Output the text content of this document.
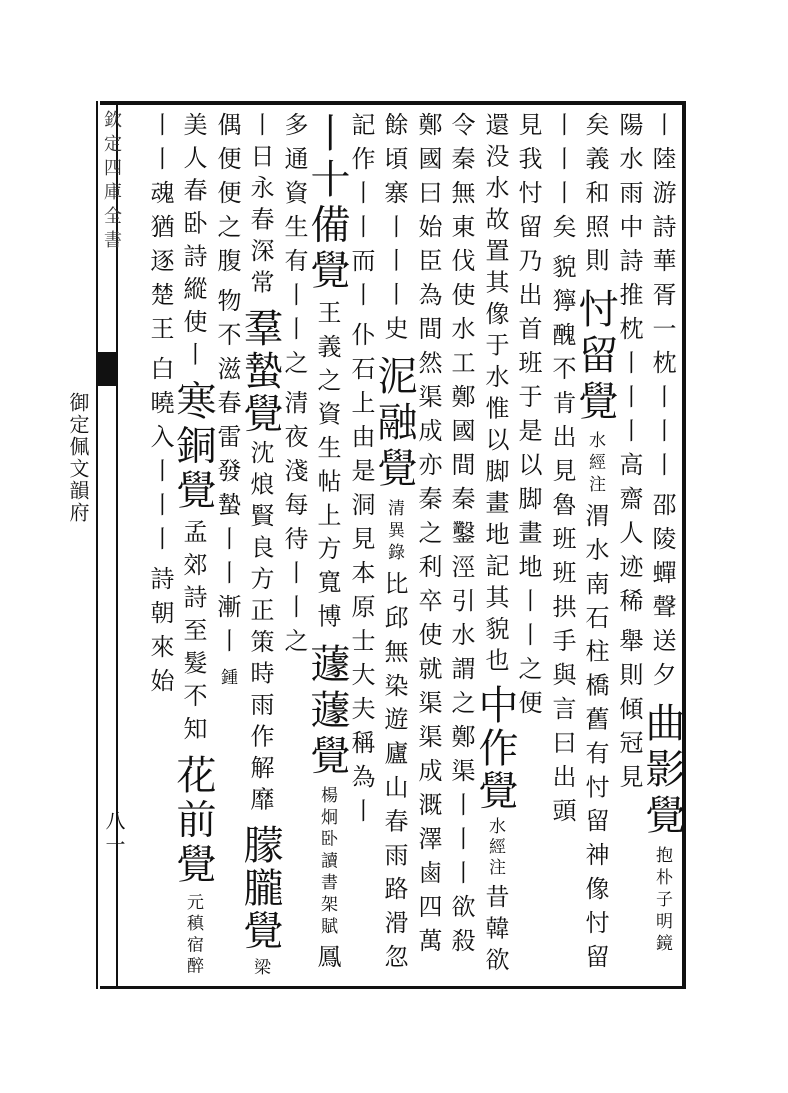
欽定四庫全書
御定佩文韻府
八一
丨陸游詩華胥一枕丨丨丨
邵陵蟬聲送夕
曲影覺
抱朴子明鏡
陽水雨中詩推枕丨丨丨高齋人迹稀
舉則傾冠見
矣義和照則
忖留覺
水經注
渭水南石柱橋舊有忖留神像忖留
丨丨丨矣
貌獰醜不肯出見魯班班拱手與言曰出頭
見我忖留乃出首班于是以脚畫地丨丨之便
還没水故置其像于水惟以脚畫地記其貌也
中作覺
水經注
昔韓欲
令秦無東伐使水工鄭國間秦鑿涇引水謂之鄭渠丨丨丨欲殺
鄭國曰始臣為間然渠成亦秦之利卒使就渠渠成溉澤鹵四萬
餘頃寨丨丨丨史
泥融覺
清異錄
比邱無染遊廬山春雨路滑忽
記作丨丨而丨
仆石上由是洞見本原士大夫稱為丨
丨十備覺
王義之資生帖上方寬博
蘧蘧覺
楊炯卧讀書架賦
鳳
多通資生有丨丨之
清夜淺每待丨丨之
丨日永春深常
羣蟄覺
沈烺賢良方正策時雨作解靡
朦朧覺
梁
偶便便之腹
物不滋春雷發蟄丨丨漸丨
鍾
美人春卧詩縱使丨
寒銅覺
孟郊詩至髮不知
花前覺
元稹宿醉
丨丨魂猶逐楚王
白曉入丨丨丨
詩朝來始
